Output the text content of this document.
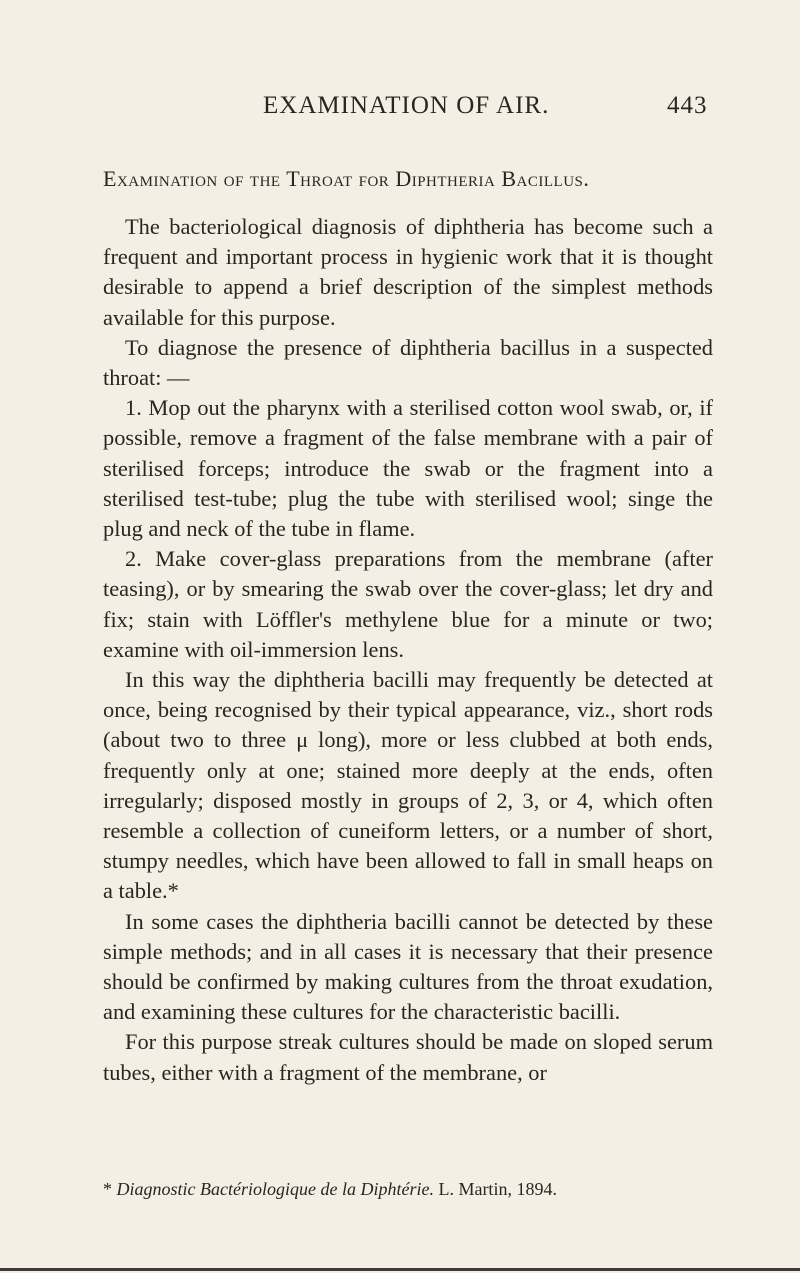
EXAMINATION OF AIR.	443
Examination of the Throat for Diphtheria Bacillus.

The bacteriological diagnosis of diphtheria has become such a frequent and important process in hygienic work that it is thought desirable to append a brief description of the simplest methods available for this purpose.

To diagnose the presence of diphtheria bacillus in a suspected throat: —

1. Mop out the pharynx with a sterilised cotton wool swab, or, if possible, remove a fragment of the false membrane with a pair of sterilised forceps; introduce the swab or the fragment into a sterilised test-tube; plug the tube with sterilised wool; singe the plug and neck of the tube in flame.

2. Make cover-glass preparations from the membrane (after teasing), or by smearing the swab over the cover-glass; let dry and fix; stain with Löffler's methylene blue for a minute or two; examine with oil-immersion lens.

In this way the diphtheria bacilli may frequently be detected at once, being recognised by their typical appearance, viz., short rods (about two to three μ long), more or less clubbed at both ends, frequently only at one; stained more deeply at the ends, often irregularly; disposed mostly in groups of 2, 3, or 4, which often resemble a collection of cuneiform letters, or a number of short, stumpy needles, which have been allowed to fall in small heaps on a table.*

In some cases the diphtheria bacilli cannot be detected by these simple methods; and in all cases it is necessary that their presence should be confirmed by making cultures from the throat exudation, and examining these cultures for the characteristic bacilli.

For this purpose streak cultures should be made on sloped serum tubes, either with a fragment of the membrane, or

* Diagnostic Bactériologique de la Diphtérie. L. Martin, 1894.
